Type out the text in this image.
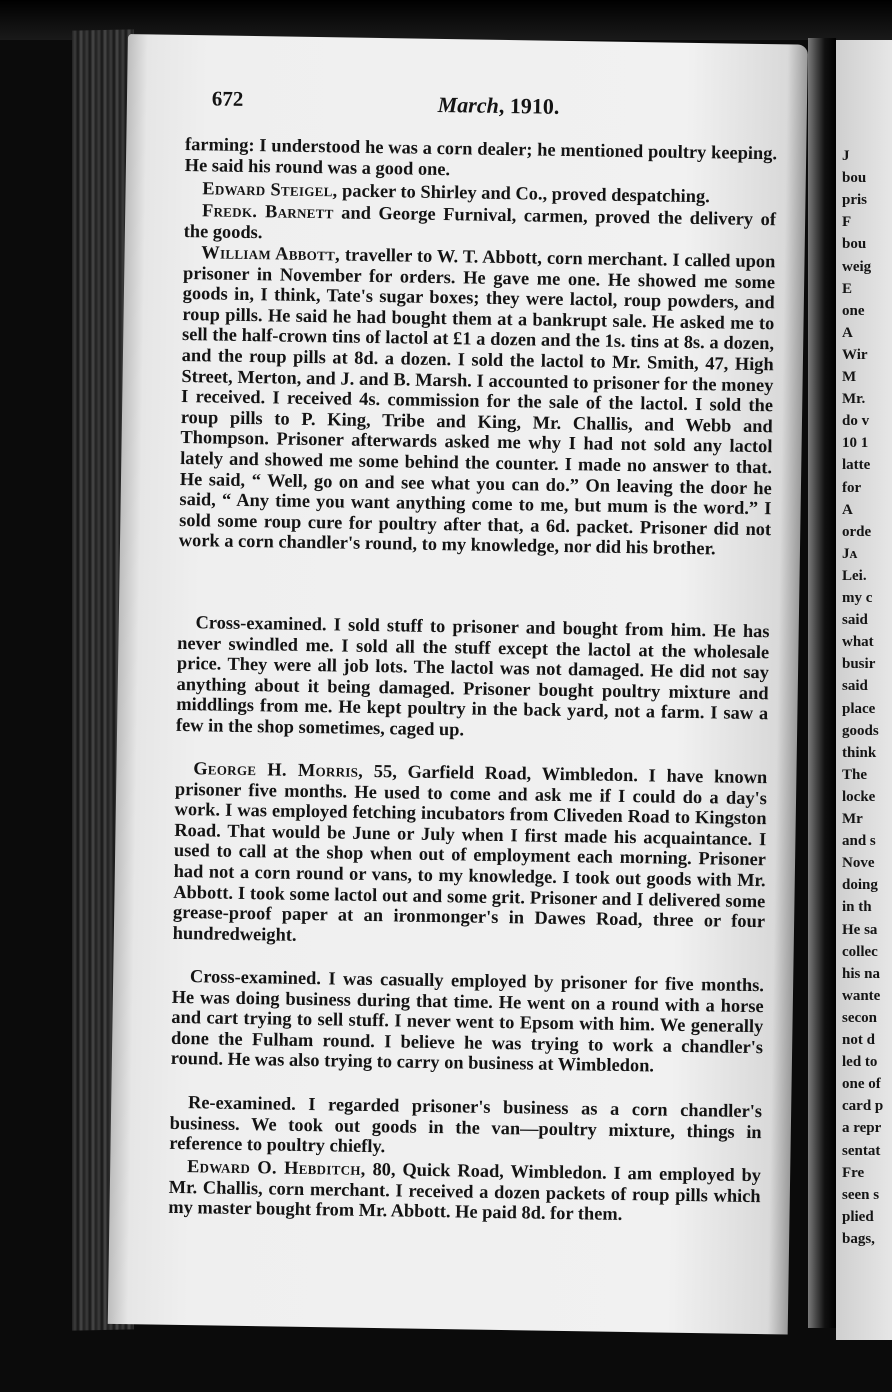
J
bou
pris
F
bou
weig
E
one
A
Wir
M
Mr.
do v
10 1
latte
for
A
orde
Jᴀ
Lei.
my c
said
what
busir
said
place
goods
think
The
locke
Mr
and s
Nove
doing
in th
He sa
collec
his na
wante
secon
not d
led to
one of
card p
a repr
sentat
Fre
seen s
plied
bags,
672	March, 1910.

farming: I understood he was a corn dealer; he mentioned poultry keeping. He said his round was a good one.

Edward Steigel, packer to Shirley and Co., proved despatching.

Fredk. Barnett and George Furnival, carmen, proved the delivery of the goods.

William Abbott, traveller to W. T. Abbott, corn merchant. I called upon prisoner in November for orders. He gave me one. He showed me some goods in, I think, Tate's sugar boxes; they were lactol, roup powders, and roup pills. He said he had bought them at a bankrupt sale. He asked me to sell the half-crown tins of lactol at £1 a dozen and the 1s. tins at 8s. a dozen, and the roup pills at 8d. a dozen. I sold the lactol to Mr. Smith, 47, High Street, Merton, and J. and B. Marsh. I accounted to prisoner for the money I received. I received 4s. commission for the sale of the lactol. I sold the roup pills to P. King, Tribe and King, Mr. Challis, and Webb and Thompson. Prisoner afterwards asked me why I had not sold any lactol lately and showed me some behind the counter. I made no answer to that. He said, “ Well, go on and see what you can do.” On leaving the door he said, “ Any time you want anything come to me, but mum is the word.” I sold some roup cure for poultry after that, a 6d. packet. Prisoner did not work a corn chandler's round, to my knowledge, nor did his brother.

Cross-examined. I sold stuff to prisoner and bought from him. He has never swindled me. I sold all the stuff except the lactol at the wholesale price. They were all job lots. The lactol was not damaged. He did not say anything about it being damaged. Prisoner bought poultry mixture and middlings from me. He kept poultry in the back yard, not a farm. I saw a few in the shop sometimes, caged up.

George H. Morris, 55, Garfield Road, Wimbledon. I have known prisoner five months. He used to come and ask me if I could do a day's work. I was employed fetching incubators from Cliveden Road to Kingston Road. That would be June or July when I first made his acquaintance. I used to call at the shop when out of employment each morning. Prisoner had not a corn round or vans, to my knowledge. I took out goods with Mr. Abbott. I took some lactol out and some grit. Prisoner and I delivered some grease-proof paper at an ironmonger's in Dawes Road, three or four hundredweight.

Cross-examined. I was casually employed by prisoner for five months. He was doing business during that time. He went on a round with a horse and cart trying to sell stuff. I never went to Epsom with him. We generally done the Fulham round. I believe he was trying to work a chandler's round. He was also trying to carry on business at Wimbledon.

Re-examined. I regarded prisoner's business as a corn chandler's business. We took out goods in the van—poultry mixture, things in reference to poultry chiefly.

Edward O. Hebditch, 80, Quick Road, Wimbledon. I am employed by Mr. Challis, corn merchant. I received a dozen packets of roup pills which my master bought from Mr. Abbott. He paid 8d. for them.
